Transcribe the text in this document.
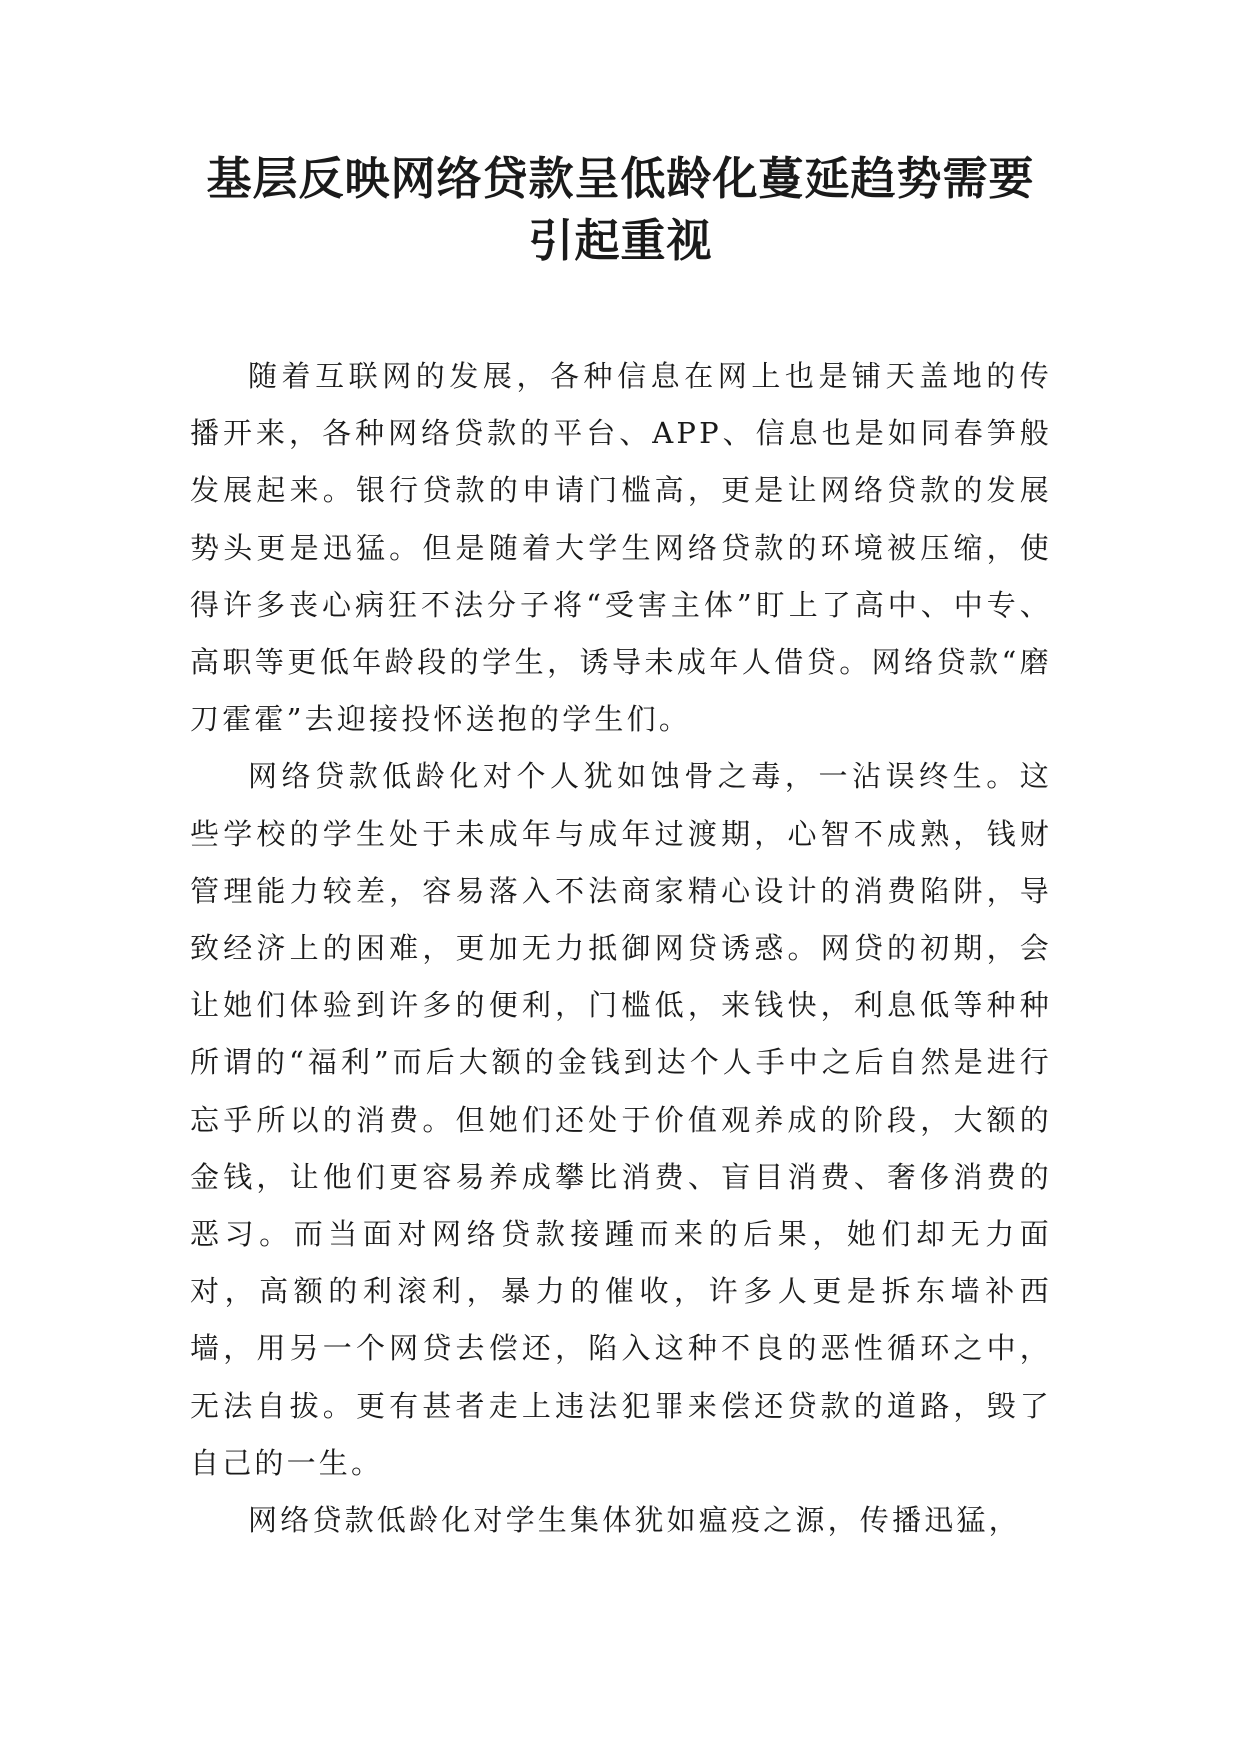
基层反映网络贷款呈低龄化蔓延趋势需要
引起重视

随着互联网的发展，各种信息在网上也是铺天盖地的传播开来，各种网络贷款的平台、APP、信息也是如同春笋般发展起来。银行贷款的申请门槛高，更是让网络贷款的发展势头更是迅猛。但是随着大学生网络贷款的环境被压缩，使得许多丧心病狂不法分子将“受害主体”盯上了高中、中专、高职等更低年龄段的学生，诱导未成年人借贷。网络贷款“磨刀霍霍”去迎接投怀送抱的学生们。

网络贷款低龄化对个人犹如蚀骨之毒，一沾误终生。这些学校的学生处于未成年与成年过渡期，心智不成熟，钱财管理能力较差，容易落入不法商家精心设计的消费陷阱，导致经济上的困难，更加无力抵御网贷诱惑。网贷的初期，会让她们体验到许多的便利，门槛低，来钱快，利息低等种种所谓的“福利”而后大额的金钱到达个人手中之后自然是进行忘乎所以的消费。但她们还处于价值观养成的阶段，大额的金钱，让他们更容易养成攀比消费、盲目消费、奢侈消费的恶习。而当面对网络贷款接踵而来的后果，她们却无力面对，高额的利滚利，暴力的催收，许多人更是拆东墙补西墙，用另一个网贷去偿还，陷入这种不良的恶性循环之中，无法自拔。更有甚者走上违法犯罪来偿还贷款的道路，毁了自己的一生。

网络贷款低龄化对学生集体犹如瘟疫之源，传播迅猛，
